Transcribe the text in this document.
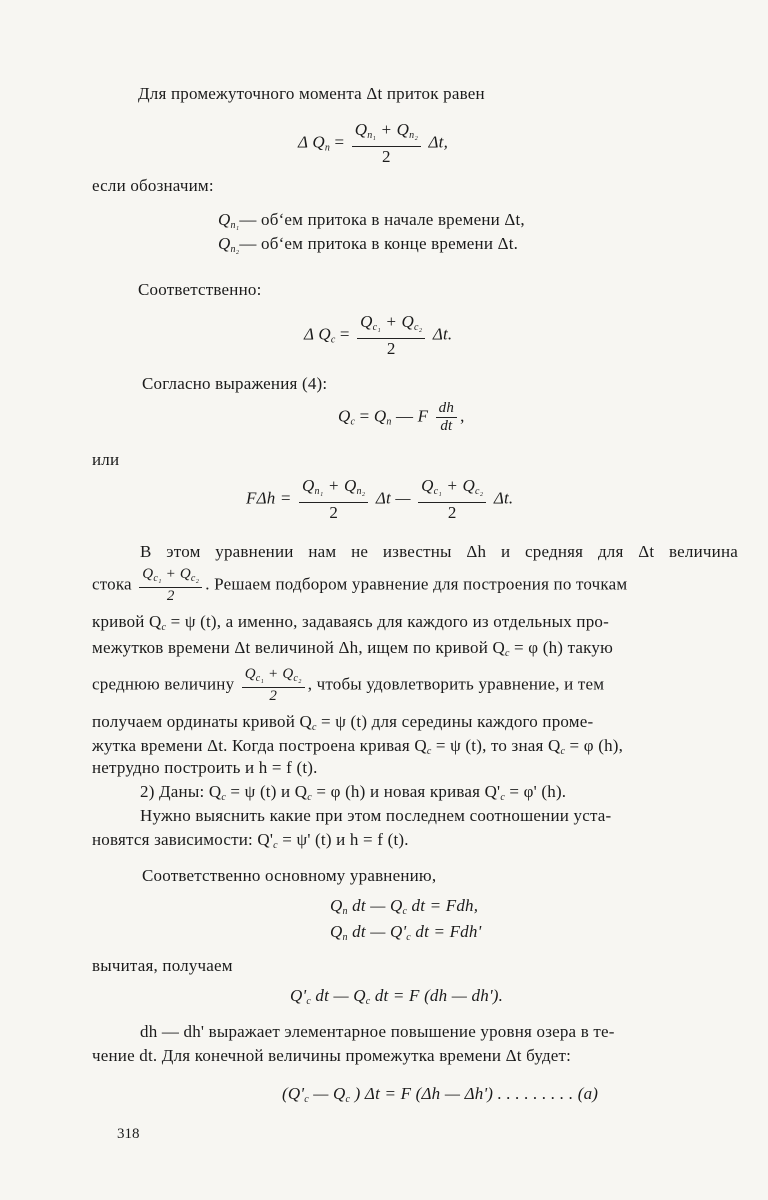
Для промежуточного момента Δt приток равен
Δ $Q_n = \frac{Q_{n_1} + Q_{n_2}}{2} \Delta t$,
если обозначим:
$Q_{n_1}—$ об‘ем притока в начале времени Δt,
$Q_{n_2}—$ об‘ем притока в конце времени Δt.
Соответственно:
Δ $Q_c = \frac{Q_{c_1} + Q_{c_2}}{2} \Delta t$.
Согласно выражения (4):
$Q_c = Q_n$ — F $\frac{dh}{dt}$ ,
или
$F\Delta h = \frac{Q_{n_1} + Q_{n_2}}{2}$ Δt — $\frac{Q_{c_1} + Q_{c_2}}{2} \Delta t$.
В этом уравнении нам не известны Δh и средняя для Δt величина
стока $\frac{Q_{c_1} + Q_{c_2}}{2}$ . Решаем подбором уравнение для построения по точкам
кривой $Q_c = \psi$ (t), а именно, задаваясь для каждого из отдельных про-
межутков времени Δt величиной Δh, ищем по кривой $Q_c = \varphi$ (h) такую
среднюю величину $\frac{Q_{c_1} + Q_{c_2}}{2}$ , чтобы удовлетворить уравнение, и тем
получаем ординаты кривой $Q_c = \psi$ (t) для середины каждого проме-
жутка времени Δt. Когда построена кривая $Q_c = \psi$ (t), то зная $Q_c = \varphi$ (h),
нетрудно построить и h = f (t).
2) Даны: $Q_c = \psi$ (t) и $Q_c = \varphi$ (h) и новая кривая $Q'_c = \varphi'$ (h).
Нужно выяснить какие при этом последнем соотношении уста-
новятся зависимости: $Q'_c = \psi'$ (t) и h = f (t).
Соответственно основному уравнению,
$Q_n$ dt — $Q_c$ dt = Fdh,
$Q_n$ dt — $Q'_c$ dt = Fdh'
вычитая, получаем
$Q'_c$ dt — $Q_c$ dt = F (dh — dh').
dh — dh' выражает элементарное повышение уровня озера в те-
чение dt. Для конечной величины промежутка времени Δt будет:
($Q'_c$ — $Q_c$ ) Δt = F (Δh — Δh') . . . . . . . . . (a)
318
